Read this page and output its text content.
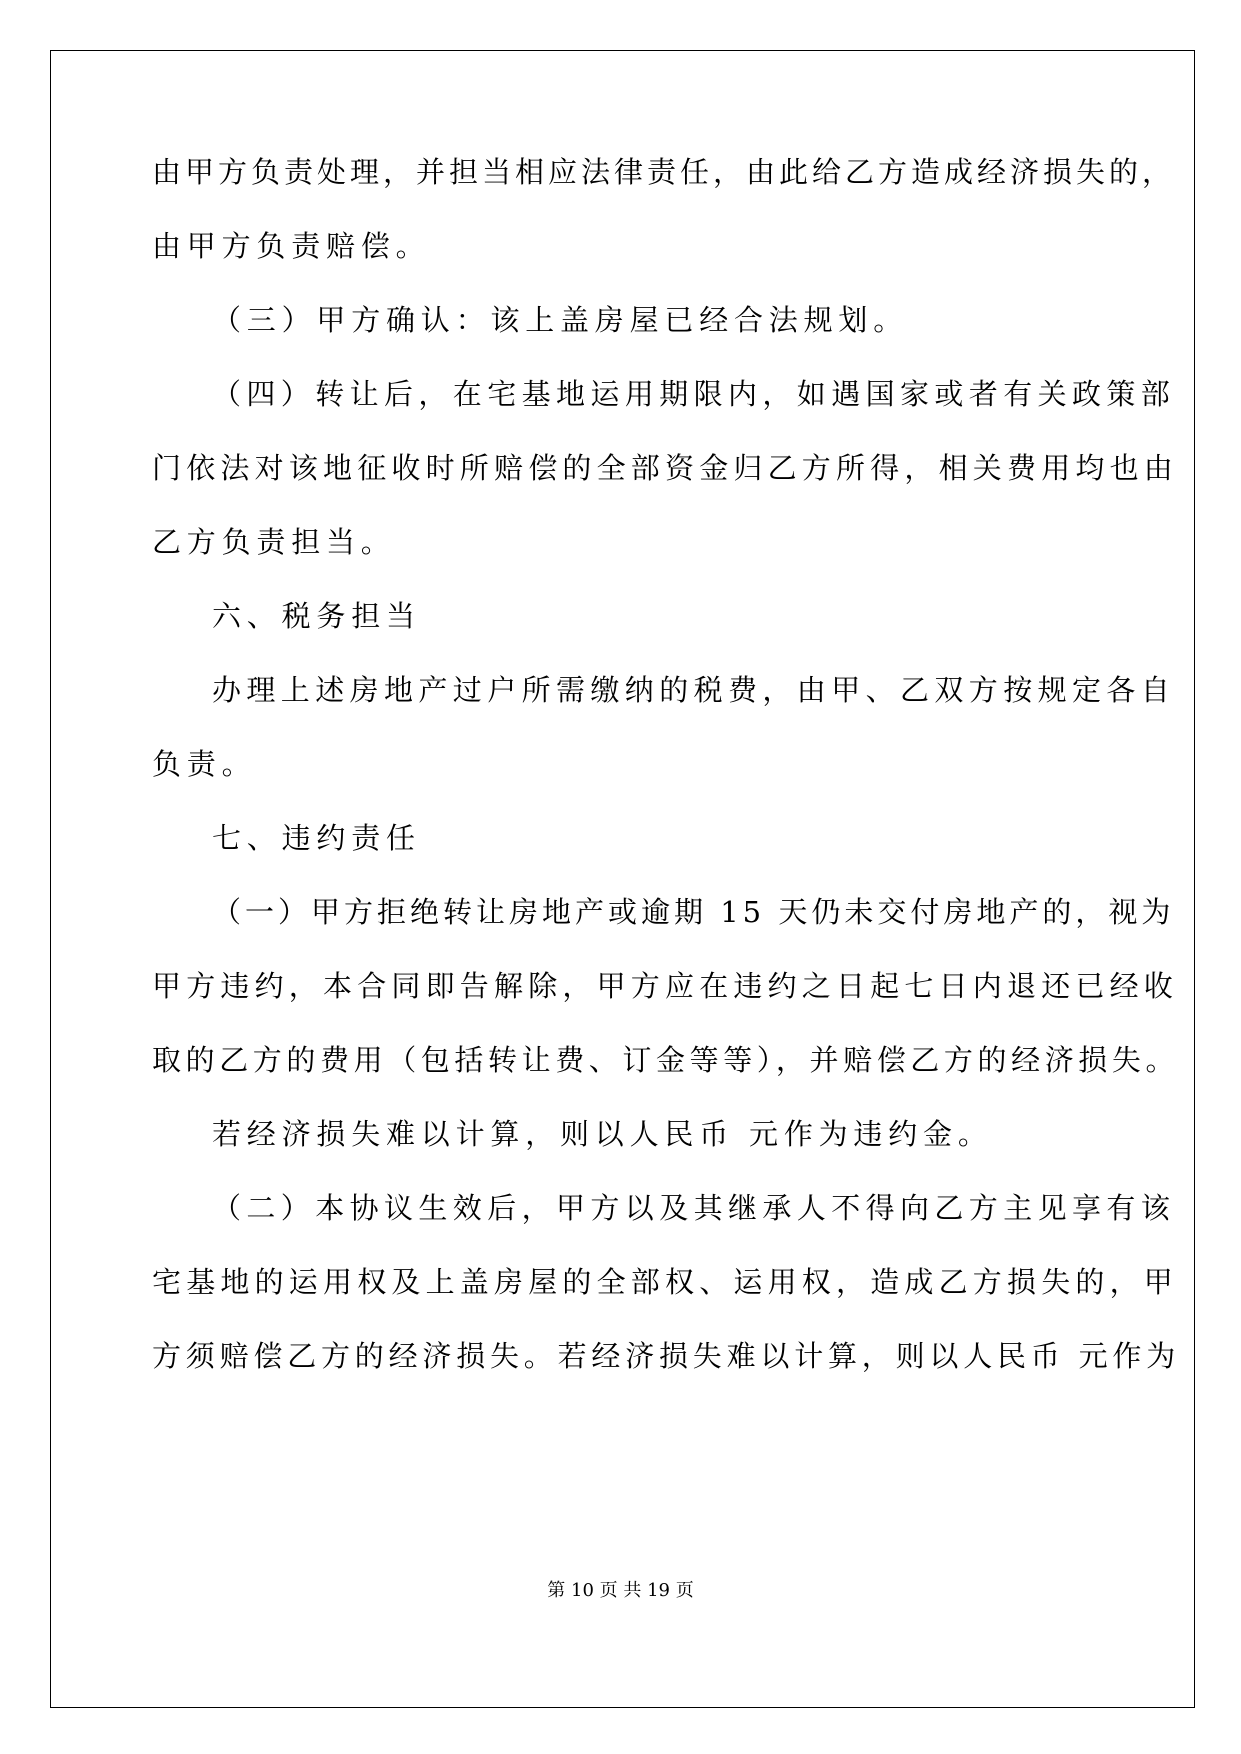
由甲方负责处理，并担当相应法律责任，由此给乙方造成经济损失的，
由甲方负责赔偿。
（三）甲方确认：该上盖房屋已经合法规划。
（四）转让后，在宅基地运用期限内，如遇国家或者有关政策部
门依法对该地征收时所赔偿的全部资金归乙方所得，相关费用均也由
乙方负责担当。
六、税务担当
办理上述房地产过户所需缴纳的税费，由甲、乙双方按规定各自
负责。
七、违约责任
（一）甲方拒绝转让房地产或逾期 15 天仍未交付房地产的，视为
甲方违约，本合同即告解除，甲方应在违约之日起七日内退还已经收
取的乙方的费用（包括转让费、订金等等），并赔偿乙方的经济损失。
若经济损失难以计算，则以人民币 元作为违约金。
（二）本协议生效后，甲方以及其继承人不得向乙方主见享有该
宅基地的运用权及上盖房屋的全部权、运用权，造成乙方损失的，甲
方须赔偿乙方的经济损失。若经济损失难以计算，则以人民币 元作为
第 10 页 共 19 页
